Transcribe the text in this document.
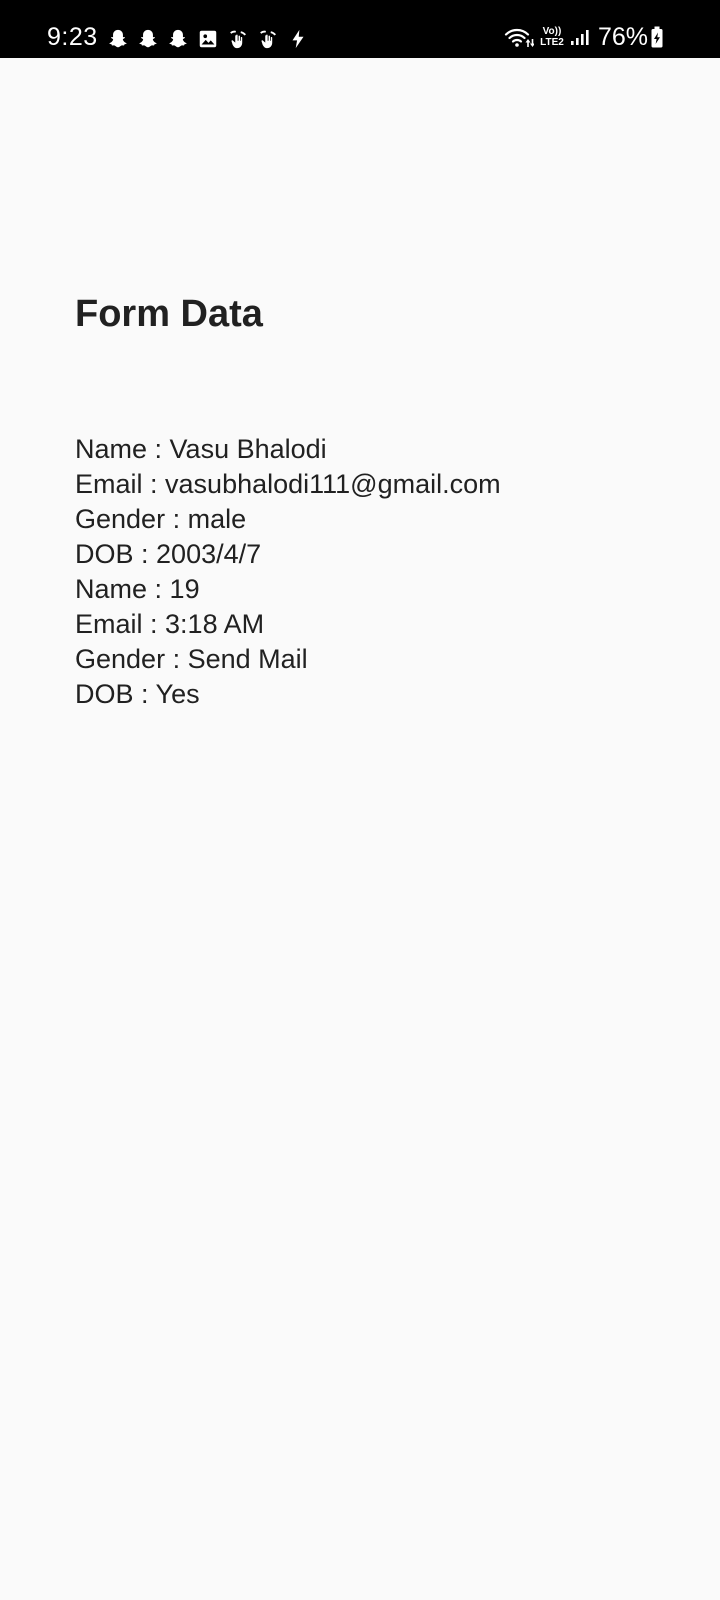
9:23	Vo))
LTE2 76%
Form Data
Name : Vasu Bhalodi
Email : vasubhalodi111@gmail.com
Gender : male
DOB : 2003/4/7
Name : 19
Email : 3:18 AM
Gender : Send Mail
DOB : Yes
